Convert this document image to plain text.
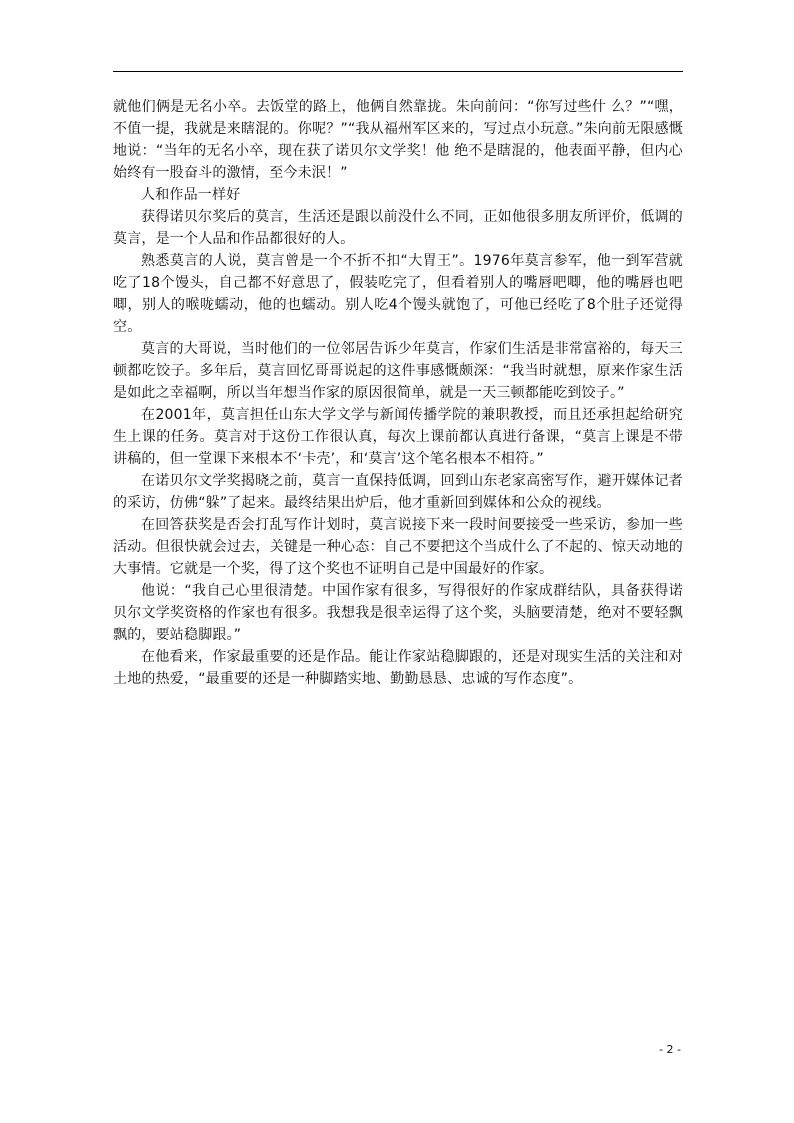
就他们俩是无名小卒。去饭堂的路上，他俩自然靠拢。朱向前问：“你写过些什 么？”“嘿，不值一提，我就是来瞎混的。你呢？”“我从福州军区来的，写过点小玩意。”朱向前无限感慨地说：“当年的无名小卒，现在获了诺贝尔文学奖！他 绝不是瞎混的，他表面平静，但内心始终有一股奋斗的激情，至今未泯！”

人和作品一样好

获得诺贝尔奖后的莫言，生活还是跟以前没什么不同，正如他很多朋友所评价，低调的莫言，是一个人品和作品都很好的人。

熟悉莫言的人说，莫言曾是一个不折不扣“大胃王”。1976年莫言参军，他一到军营就吃了18个馒头，自己都不好意思了，假装吃完了，但看着别人的嘴唇吧唧，他的嘴唇也吧唧，别人的喉咙蠕动，他的也蠕动。别人吃4个馒头就饱了，可他已经吃了8个肚子还觉得空。

莫言的大哥说，当时他们的一位邻居告诉少年莫言，作家们生活是非常富裕的，每天三顿都吃饺子。多年后，莫言回忆哥哥说起的这件事感慨颇深：“我当时就想，原来作家生活是如此之幸福啊，所以当年想当作家的原因很简单，就是一天三顿都能吃到饺子。”

在2001年，莫言担任山东大学文学与新闻传播学院的兼职教授，而且还承担起给研究生上课的任务。莫言对于这份工作很认真，每次上课前都认真进行备课，“莫言上课是不带讲稿的，但一堂课下来根本不‘卡壳’，和‘莫言’这个笔名根本不相符。”

在诺贝尔文学奖揭晓之前，莫言一直保持低调，回到山东老家高密写作，避开媒体记者的采访，仿佛“躲”了起来。最终结果出炉后，他才重新回到媒体和公众的视线。

在回答获奖是否会打乱写作计划时，莫言说接下来一段时间要接受一些采访，参加一些活动。但很快就会过去，关键是一种心态：自己不要把这个当成什么了不起的、惊天动地的大事情。它就是一个奖，得了这个奖也不证明自己是中国最好的作家。

他说：“我自己心里很清楚。中国作家有很多，写得很好的作家成群结队，具备获得诺贝尔文学奖资格的作家也有很多。我想我是很幸运得了这个奖，头脑要清楚，绝对不要轻飘飘的，要站稳脚跟。”

在他看来，作家最重要的还是作品。能让作家站稳脚跟的，还是对现实生活的关注和对土地的热爱，“最重要的还是一种脚踏实地、勤勤恳恳、忠诚的写作态度”。

- 2 -
